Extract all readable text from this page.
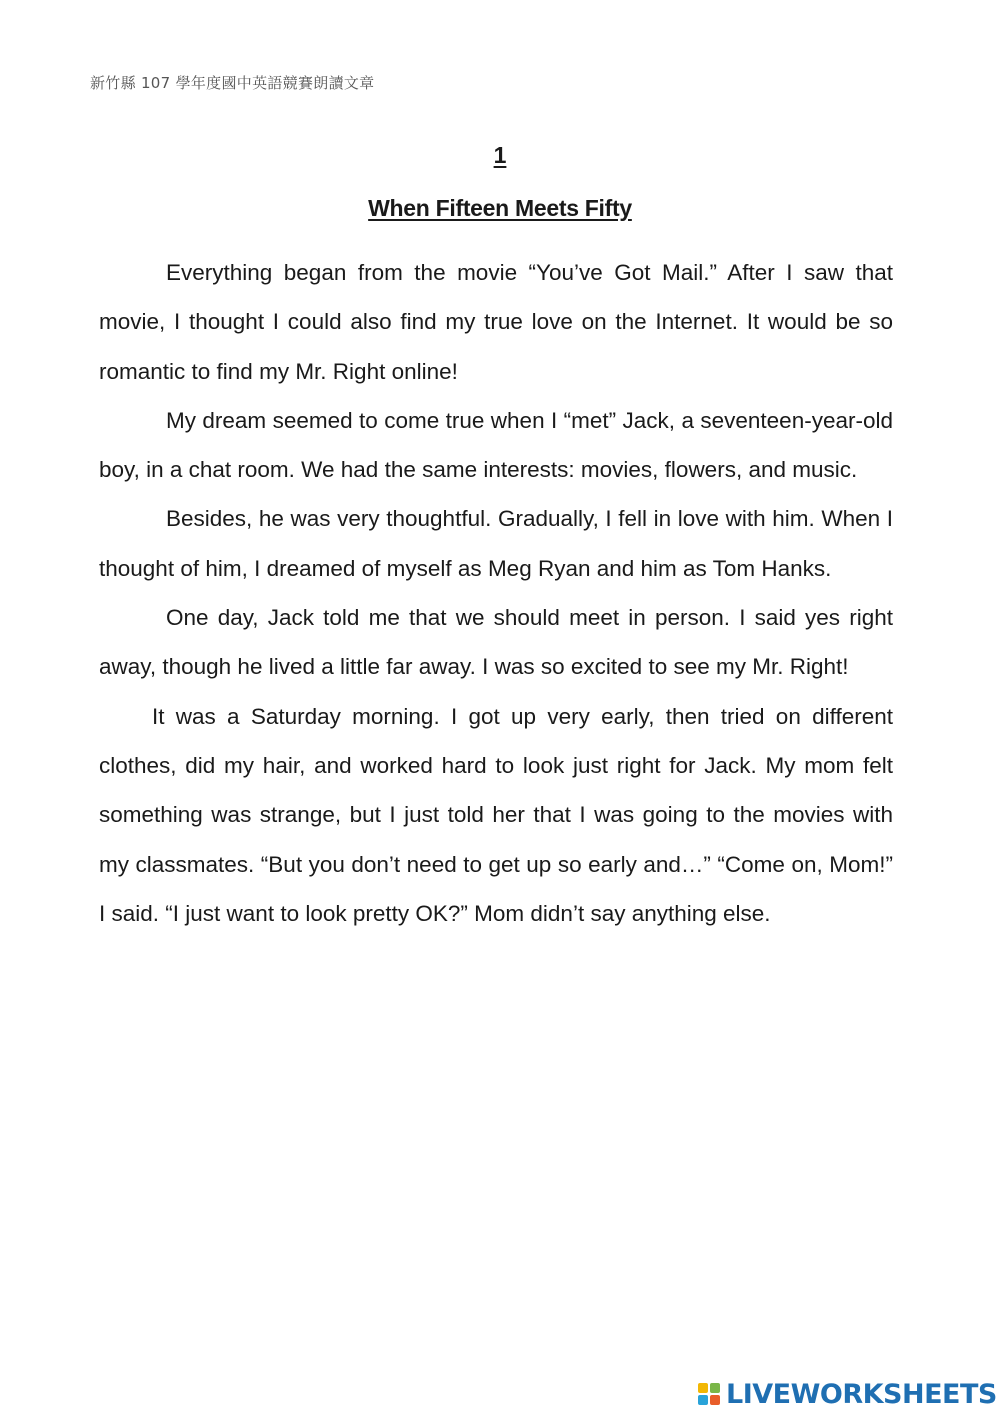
新竹縣 107 學年度國中英語競賽朗讀文章
1
When Fifteen Meets Fifty

Everything began from the movie “You’ve Got Mail.” After I saw that movie, I thought I could also find my true love on the Internet. It would be so romantic to find my Mr. Right online!

My dream seemed to come true when I “met” Jack, a seventeen-year-old boy, in a chat room. We had the same interests: movies, flowers, and music.

Besides, he was very thoughtful. Gradually, I fell in love with him. When I thought of him, I dreamed of myself as Meg Ryan and him as Tom Hanks.

One day, Jack told me that we should meet in person. I said yes right away, though he lived a little far away. I was so excited to see my Mr. Right!

It was a Saturday morning. I got up very early, then tried on different clothes, did my hair, and worked hard to look just right for Jack. My mom felt something was strange, but I just told her that I was going to the movies with my classmates. “But you don’t need to get up so early and…” “Come on, Mom!” I said. “I just want to look pretty OK?” Mom didn’t say anything else.

LIVEWORKSHEETS
